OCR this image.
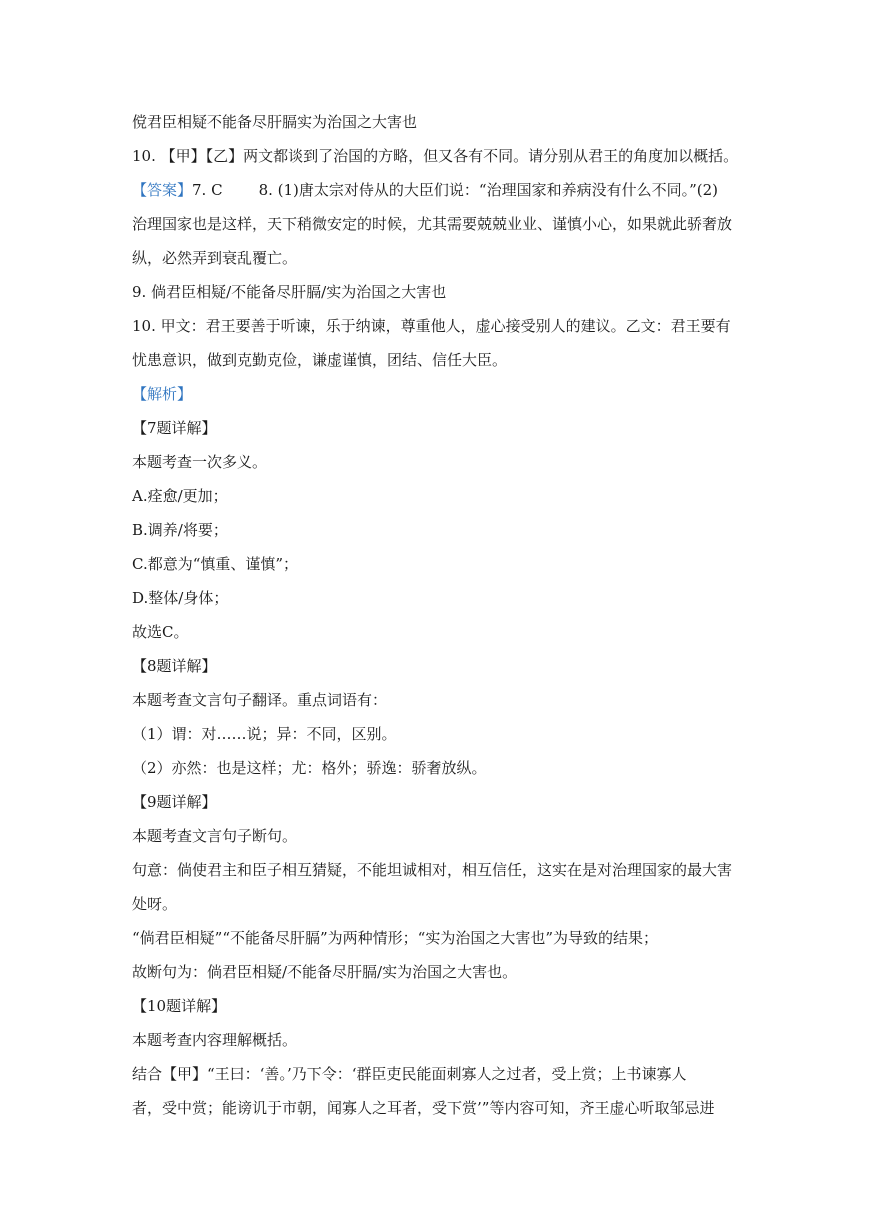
傥君臣相疑不能备尽肝膈实为治国之大害也
10. 【甲】【乙】两文都谈到了治国的方略，但又各有不同。请分别从君王的角度加以概括。
【答案】7. C 8. (1)唐太宗对侍从的大臣们说：“治理国家和养病没有什么不同。”(2)
治理国家也是这样，天下稍微安定的时候，尤其需要兢兢业业、谨慎小心，如果就此骄奢放
纵，必然弄到衰乱覆亡。
9. 倘君臣相疑/不能备尽肝膈/实为治国之大害也
10. 甲文：君王要善于听谏，乐于纳谏，尊重他人，虚心接受别人的建议。乙文：君王要有
忧患意识，做到克勤克俭，谦虚谨慎，团结、信任大臣。
【解析】
【7题详解】
本题考查一次多义。
A.痊愈/更加；
B.调养/将要；
C.都意为“慎重、谨慎”；
D.整体/身体；
故选C。
【8题详解】
本题考查文言句子翻译。重点词语有：
（1）谓：对……说；异：不同，区别。
（2）亦然：也是这样；尤：格外；骄逸：骄奢放纵。
【9题详解】
本题考查文言句子断句。
句意：倘使君主和臣子相互猜疑，不能坦诚相对，相互信任，这实在是对治理国家的最大害
处呀。
“倘君臣相疑”“不能备尽肝膈”为两种情形；“实为治国之大害也”为导致的结果；
故断句为：倘君臣相疑/不能备尽肝膈/实为治国之大害也。
【10题详解】
本题考查内容理解概括。
结合【甲】“王曰：‘善。’乃下令：‘群臣吏民能面刺寡人之过者，受上赏；上书谏寡人
者，受中赏；能谤讥于市朝，闻寡人之耳者，受下赏’”等内容可知，齐王虚心听取邹忌进
